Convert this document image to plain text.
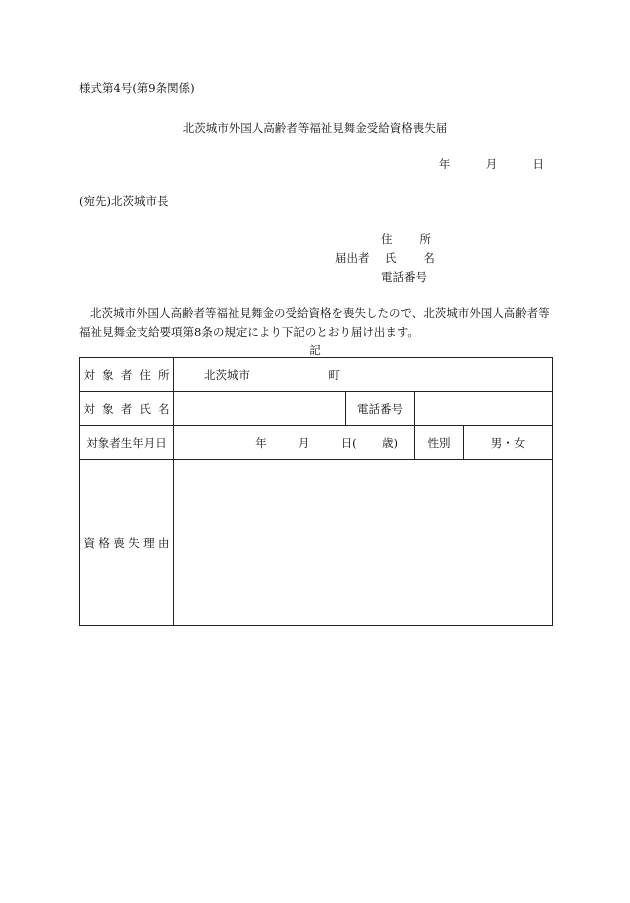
様式第4号(第9条関係)
北茨城市外国人高齢者等福祉見舞金受給資格喪失届
年	月	日
(宛先)北茨城市長
住　所
届出者 氏　名
電話番号
北茨城市外国人高齢者等福祉見舞金の受給資格を喪失したので、北茨城市外国人高齢者等福祉見舞金支給要項第8条の規定により下記のとおり届け出ます。
記
対象者住所	北茨城市 町			
対象者氏名		電話番号		
対象者生年月日	年 月 日( 歳)		性別	男・女
資格喪失理由				
